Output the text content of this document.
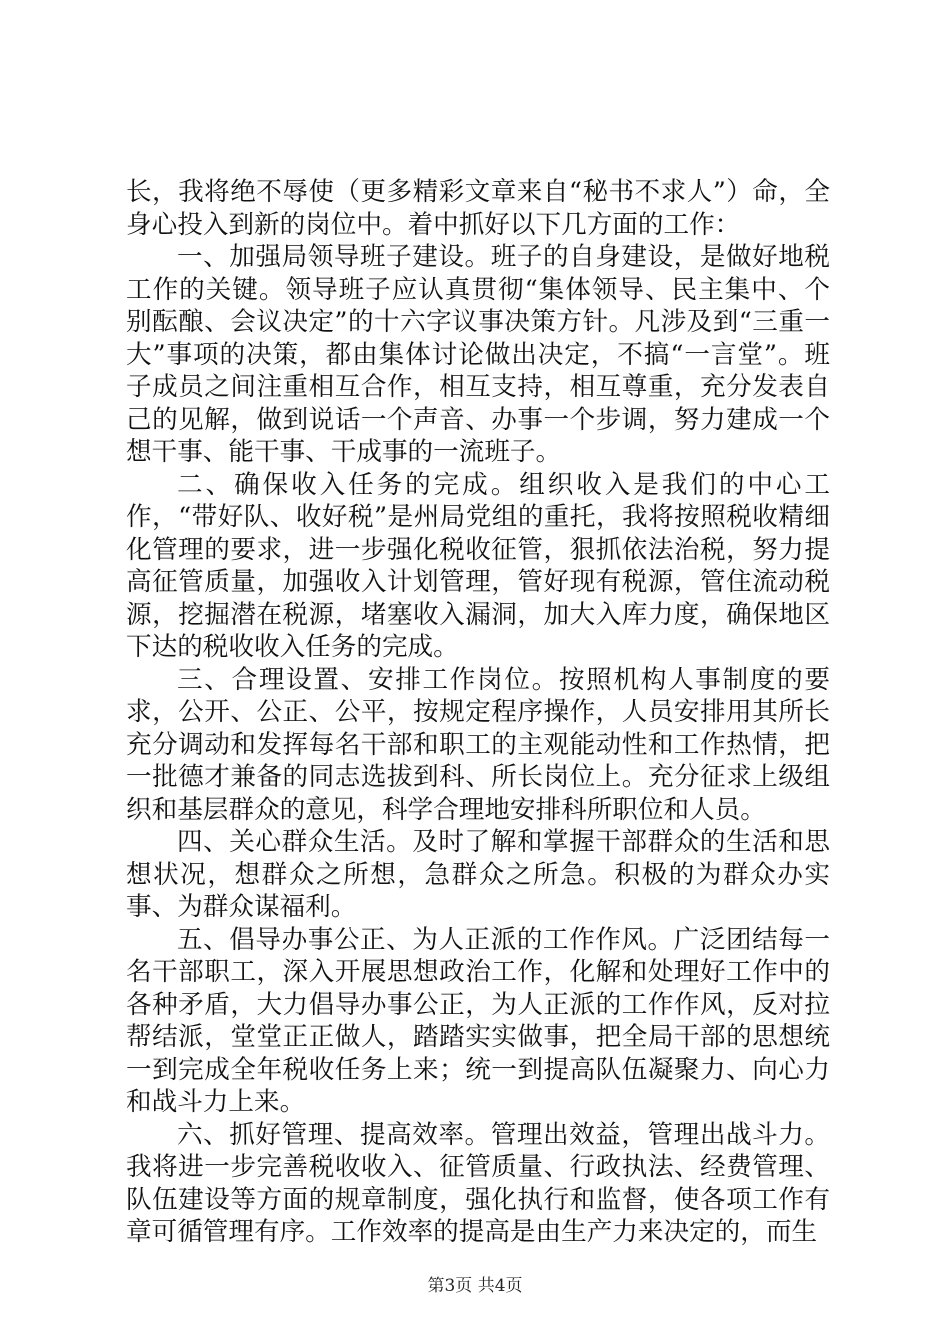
长，我将绝不辱使（更多精彩文章来自“秘书不求人”）命，全身心投入到新的岗位中。着中抓好以下几方面的工作：

一、加强局领导班子建设。班子的自身建设，是做好地税工作的关键。领导班子应认真贯彻“集体领导、民主集中、个别酝酿、会议决定”的十六字议事决策方针。凡涉及到“三重一大”事项的决策，都由集体讨论做出决定，不搞“一言堂”。班子成员之间注重相互合作，相互支持，相互尊重，充分发表自己的见解，做到说话一个声音、办事一个步调，努力建成一个想干事、能干事、干成事的一流班子。

二、确保收入任务的完成。组织收入是我们的中心工作，“带好队、收好税”是州局党组的重托，我将按照税收精细化管理的要求，进一步强化税收征管，狠抓依法治税，努力提高征管质量，加强收入计划管理，管好现有税源，管住流动税源，挖掘潜在税源，堵塞收入漏洞，加大入库力度，确保地区下达的税收收入任务的完成。

三、合理设置、安排工作岗位。按照机构人事制度的要求，公开、公正、公平，按规定程序操作，人员安排用其所长充分调动和发挥每名干部和职工的主观能动性和工作热情，把一批德才兼备的同志选拔到科、所长岗位上。充分征求上级组织和基层群众的意见，科学合理地安排科所职位和人员。

四、关心群众生活。及时了解和掌握干部群众的生活和思想状况，想群众之所想，急群众之所急。积极的为群众办实事、为群众谋福利。

五、倡导办事公正、为人正派的工作作风。广泛团结每一名干部职工，深入开展思想政治工作，化解和处理好工作中的各种矛盾，大力倡导办事公正，为人正派的工作作风，反对拉帮结派，堂堂正正做人，踏踏实实做事，把全局干部的思想统一到完成全年税收任务上来；统一到提高队伍凝聚力、向心力和战斗力上来。

六、抓好管理、提高效率。管理出效益，管理出战斗力。我将进一步完善税收收入、征管质量、行政执法、经费管理、队伍建设等方面的规章制度，强化执行和监督，使各项工作有章可循管理有序。工作效率的提高是由生产力来决定的，而生

第3页 共4页
